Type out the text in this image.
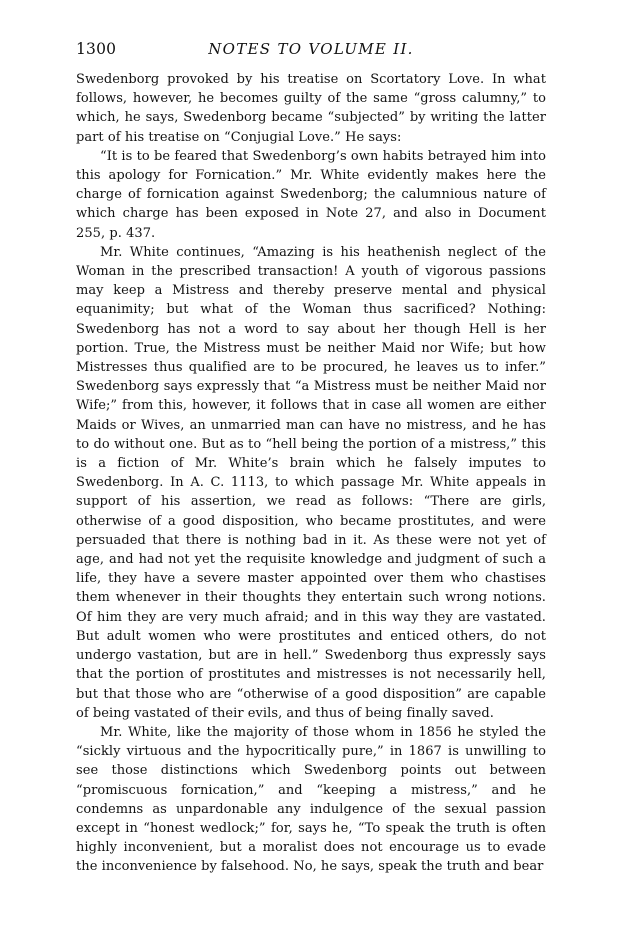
1300	NOTES TO VOLUME II.

Swedenborg provoked by his treatise on Scortatory Love. In what follows, however, he becomes guilty of the same “gross calumny,” to which, he says, Swedenborg became “subjected” by writing the latter part of his treatise on “Conjugial Love.” He says:

“It is to be feared that Swedenborg’s own habits betrayed him into this apology for Fornication.” Mr. White evidently makes here the charge of fornication against Swedenborg; the calumnious nature of which charge has been exposed in Note 27, and also in Document 255, p. 437.

Mr. White continues, “Amazing is his heathenish neglect of the Woman in the prescribed transaction! A youth of vigorous passions may keep a Mistress and thereby preserve mental and physical equanimity; but what of the Woman thus sacrificed? Nothing: Swedenborg has not a word to say about her though Hell is her portion. True, the Mistress must be neither Maid nor Wife; but how Mistresses thus qualified are to be procured, he leaves us to infer.” Swedenborg says expressly that “a Mistress must be neither Maid nor Wife;” from this, however, it follows that in case all women are either Maids or Wives, an unmarried man can have no mistress, and he has to do without one. But as to “hell being the portion of a mistress,” this is a fiction of Mr. White’s brain which he falsely imputes to Swedenborg. In A. C. 1113, to which passage Mr. White appeals in support of his assertion, we read as follows: “There are girls, otherwise of a good disposition, who became prostitutes, and were persuaded that there is nothing bad in it. As these were not yet of age, and had not yet the requisite knowledge and judgment of such a life, they have a severe master appointed over them who chastises them whenever in their thoughts they entertain such wrong notions. Of him they are very much afraid; and in this way they are vastated. But adult women who were prostitutes and enticed others, do not undergo vastation, but are in hell.” Swedenborg thus expressly says that the portion of prostitutes and mistresses is not necessarily hell, but that those who are “otherwise of a good disposition” are capable of being vastated of their evils, and thus of being finally saved.

Mr. White, like the majority of those whom in 1856 he styled the “sickly virtuous and the hypocritically pure,” in 1867 is unwilling to see those distinctions which Swedenborg points out between “promiscuous fornication,” and “keeping a mistress,” and he condemns as unpardonable any indulgence of the sexual passion except in “honest wedlock;” for, says he, “To speak the truth is often highly inconvenient, but a moralist does not encourage us to evade the inconvenience by falsehood. No, he says, speak the truth and bear
